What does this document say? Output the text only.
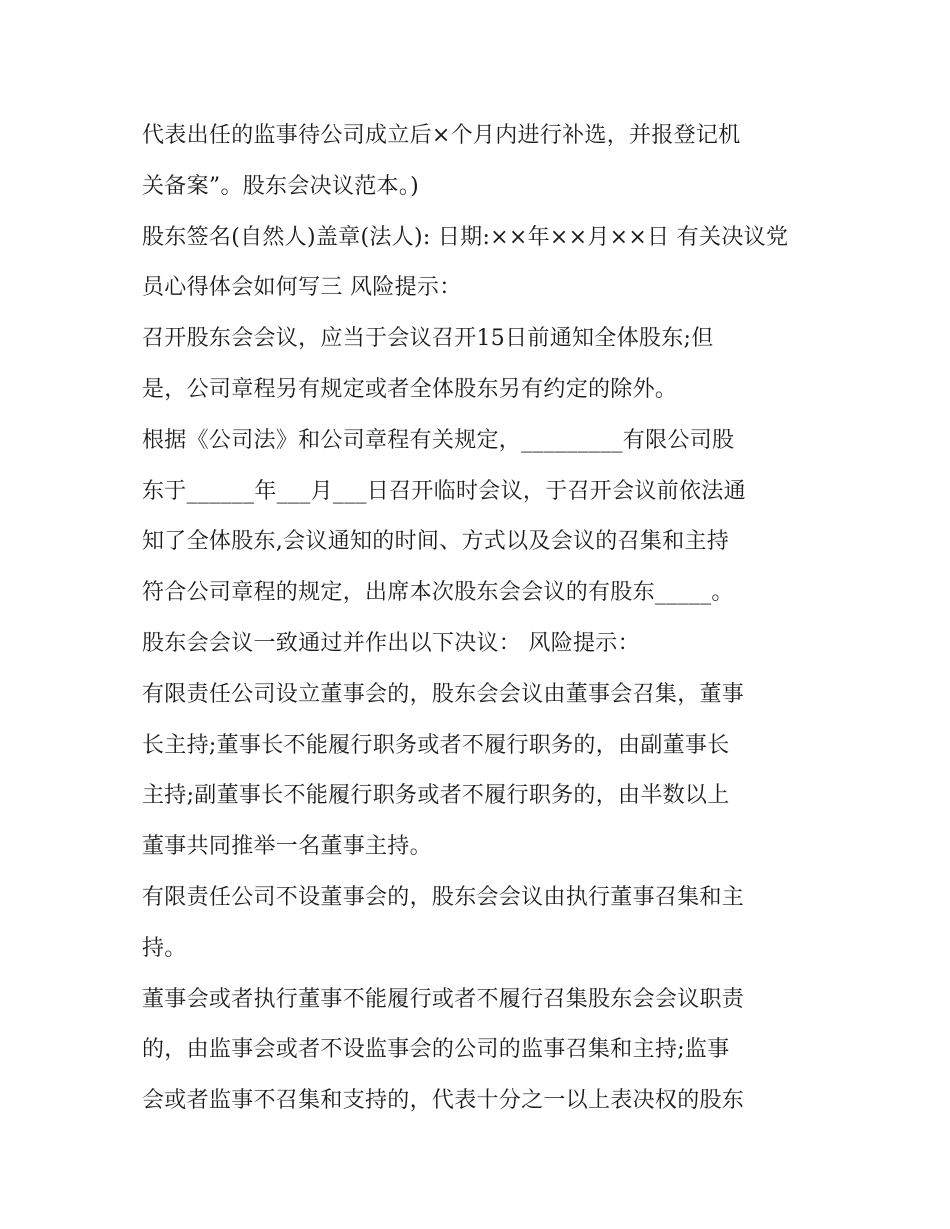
代表出任的监事待公司成立后×个月内进行补选，并报登记机
关备案”。股东会决议范本。)
股东签名(自然人)盖章(法人): 日期:××年××月××日 有关决议党
员心得体会如何写三 风险提示：
召开股东会会议，应当于会议召开15日前通知全体股东;但
是，公司章程另有规定或者全体股东另有约定的除外。
根据《公司法》和公司章程有关规定，_________有限公司股
东于______年___月___日召开临时会议，于召开会议前依法通
知了全体股东,会议通知的时间、方式以及会议的召集和主持
符合公司章程的规定，出席本次股东会会议的有股东_____。
股东会会议一致通过并作出以下决议： 风险提示：
有限责任公司设立董事会的，股东会会议由董事会召集，董事
长主持;董事长不能履行职务或者不履行职务的，由副董事长
主持;副董事长不能履行职务或者不履行职务的，由半数以上
董事共同推举一名董事主持。
有限责任公司不设董事会的，股东会会议由执行董事召集和主
持。
董事会或者执行董事不能履行或者不履行召集股东会会议职责
的，由监事会或者不设监事会的公司的监事召集和主持;监事
会或者监事不召集和支持的，代表十分之一以上表决权的股东
